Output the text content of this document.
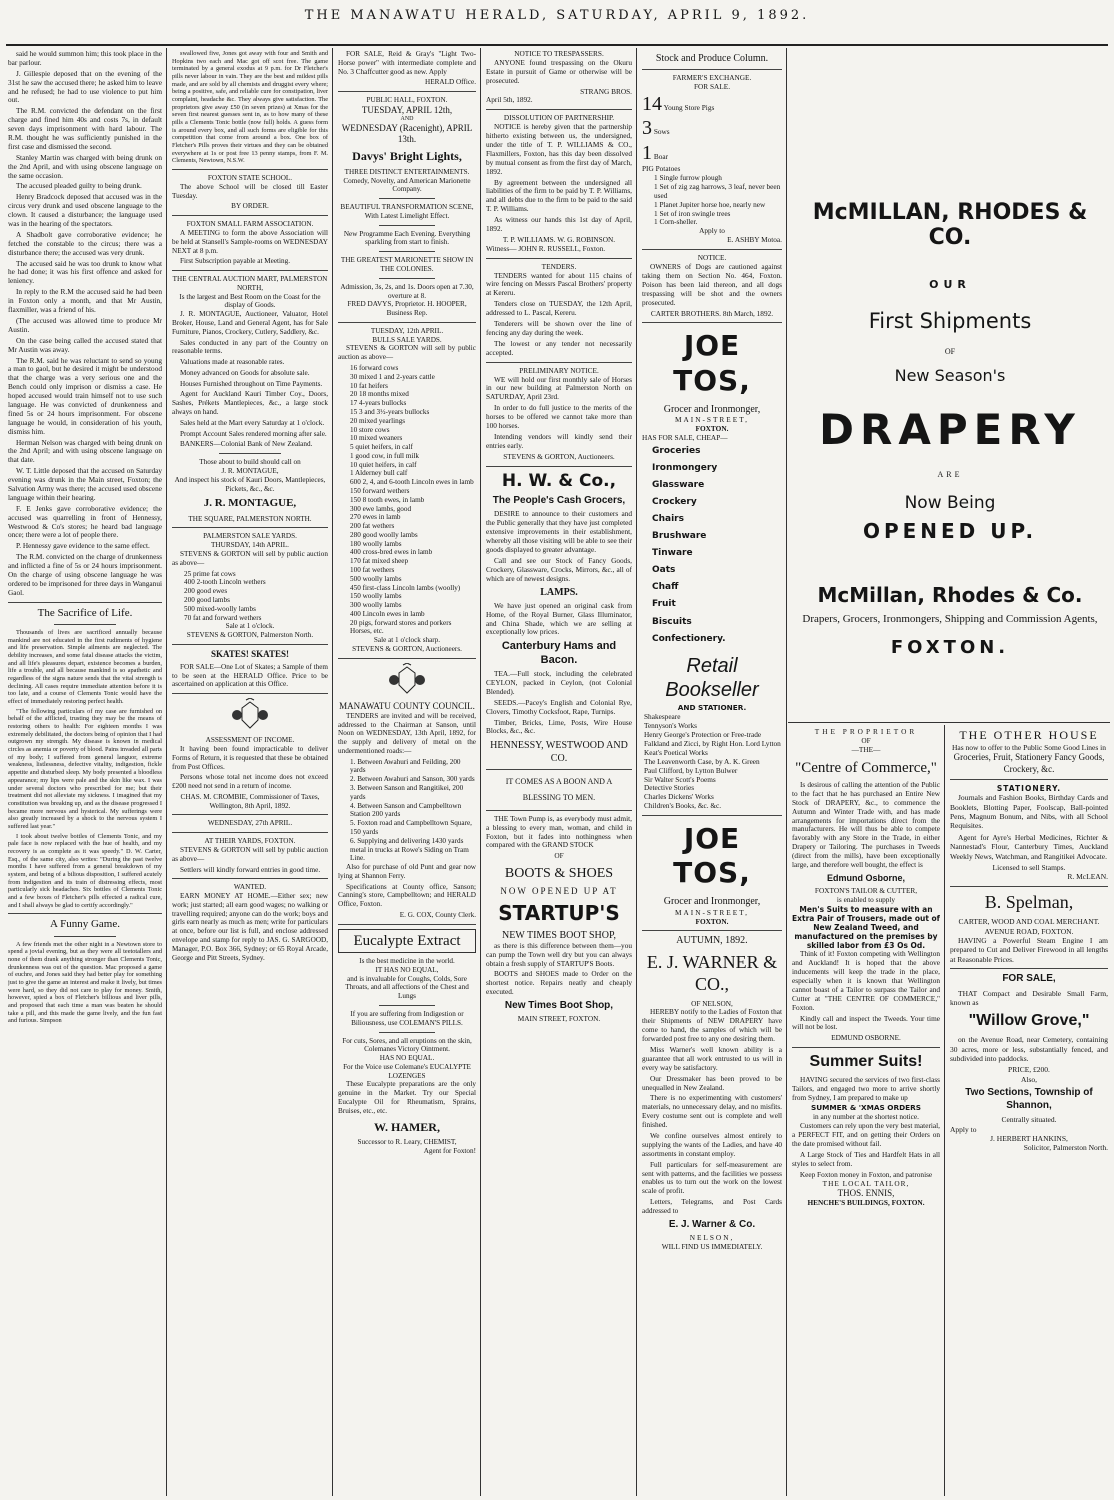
THE MANAWATU HERALD, SATURDAY, APRIL 9, 1892.

said he would summon him; this took place in the bar parlour.

J. Gillespie deposed that on the evening of the 31st he saw the accused there; he asked him to leave and he refused; he had to use violence to put him out.

The R.M. convicted the defendant on the first charge and fined him 40s and costs 7s, in default seven days imprisonment with hard labour. The R.M. thought he was sufficiently punished in the first case and dismissed the second.

Stanley Martin was charged with being drunk on the 2nd April, and with using obscene language on the same occasion.

The accused pleaded guilty to being drunk.

Henry Bradcock deposed that accused was in the circus very drunk and used obscene language to the clown. It caused a disturbance; the language used was in the hearing of the spectators.

A Shadbolt gave corroborative evidence; he fetched the constable to the circus; there was a disturbance there; the accused was very drunk.

The accused said he was too drunk to know what he had done; it was his first offence and asked for leniency.

In reply to the R.M the accused said he had been in Foxton only a month, and that Mr Austin, flaxmiller, was a friend of his.

(The accused was allowed time to produce Mr Austin.

On the case being called the accused stated that Mr Austin was away.

The R.M. said he was reluctant to send so young a man to gaol, but he desired it might be understood that the charge was a very serious one and the Bench could only imprison or dismiss a case. He hoped accused would train himself not to use such language. He was convicted of drunkenness and fined 5s or 24 hours imprisonment. For obscene language he would, in consideration of his youth, dismiss him.

Herman Nelson was charged with being drunk on the 2nd April; and with using obscene language on that date.

W. T. Little deposed that the accused on Saturday evening was drunk in the Main street, Foxton; the Salvation Army was there; the accused used obscene language within their hearing.

F. E Jenks gave corroborative evidence; the accused was quarrelling in front of Hennessy, Westwood & Co's stores; he heard bad language once; there were a lot of people there.

P. Hennessy gave evidence to the same effect.

The R.M. convicted on the charge of drunkenness and inflicted a fine of 5s or 24 hours imprisonment. On the charge of using obscene language he was ordered to be imprisoned for three days in Wanganui Gaol.

The Sacrifice of Life.

Thousands of lives are sacrificed annually because mankind are not educated in the first rudiments of hygiene and life preservation. Simple ailments are neglected. The debility increases, and some fatal disease attacks the victim, and all life's pleasures depart, existence becomes a burden, life a trouble, and all because mankind is so apathetic and regardless of the signs nature sends that the vital strength is declining. All cases require immediate attention before it is too late, and a course of Clements Tonic would have the effect of immediately restoring perfect health.

"The following particulars of my case are furnished on behalf of the afflicted, trusting they may be the means of restoring others to health: For eighteen months I was extremely debilitated, the doctors being of opinion that I had outgrown my strength. My disease is known in medical circles as anemia or poverty of blood. Pains invaded all parts of my body; I suffered from general languor, extreme weakness, listlessness, defective vitality, indigestion, fickle appetite and disturbed sleep. My body presented a bloodless appearance; my lips were pale and the skin like wax. I was under several doctors who prescribed for me; but their treatment did not alleviate my sickness. I imagined that my constitution was breaking up, and as the disease progressed I became more nervous and hysterical. My sufferings were also greatly increased by a shock to the nervous system I suffered last year."

I took about twelve bottles of Clements Tonic, and my pale face is now replaced with the hue of health, and my recovery is as complete as it was speedy." D. W. Carter, Esq., of the same city, also writes: "During the past twelve months I have suffered from a general breakdown of my system, and being of a bilious disposition, I suffered acutely from indigestion and its train of distressing effects, most particularly sick headaches. Six bottles of Clements Tonic and a few boxes of Fletcher's pills effected a radical cure, and I shall always be glad to certify accordingly."

A Funny Game.

A few friends met the other night in a Newtown store to spend a jovial evening, but as they were all teetotallers and none of them drank anything stronger than Clements Tonic, drunkenness was out of the question. Mac proposed a game of euchre, and Jones said they had better play for something just to give the game an interest and make it lively, but times were hard, so they did not care to play for money. Smith, however, spied a box of Fletcher's billious and liver pills, and proposed that each time a man was beaten he should take a pill, and this made the game lively, and the fun fast and furious. Simpson

swallowed five, Jones got away with four and Smith and Hopkins two each and Mac got off scot free. The game terminated by a general exodus at 9 p.m. for Dr Fletcher's pills never labour in vain. They are the best and mildest pills made, and are sold by all chemists and druggist every where; being a positive, safe, and reliable cure for constipation, liver complaint, headache &c. They always give satisfaction. The proprietors give away £50 (in seven prizes) at Xmas for the seven first nearest guesses sent in, as to how many of these pills a Clements Tonic bottle (now full) holds. A guess form is around every box, and all such forms are eligible for this competition that come from around a box. One box of Fletcher's Pills proves their virtues and they can be obtained everywhere at 1s or post free 13 penny stamps, from F. M. Clements, Newtown, N.S.W.

FOXTON STATE SCHOOL.

The above School will be closed till Easter Tuesday.

BY ORDER.
FOXTON SMALL FARM ASSOCIATION.

A MEETING to form the above Association will be held at Stansell's Sample-rooms on WEDNESDAY NEXT at 8 p.m.

First Subscription payable at Meeting.

THE CENTRAL AUCTION MART, PALMERSTON NORTH,
Is the largest and Best Room on the Coast for the display of Goods.

J. R. MONTAGUE, Auctioneer, Valuator, Hotel Broker, House, Land and General Agent, has for Sale Furniture, Pianos, Crockery, Cutlery, Saddlery, &c.

Sales conducted in any part of the Country on reasonable terms.

Valuations made at reasonable rates.

Money advanced on Goods for absolute sale.

Houses Furnished throughout on Time Payments.

Agent for Auckland Kauri Timber Coy., Doors, Sashes, Prékets Mantlepieces, &c., a large stock always on hand.

Sales held at the Mart every Saturday at 1 o'clock.

Prompt Account Sales rendered morning after sale.

BANKERS—Colonial Bank of New Zealand.

Those about to build should call on
J. R. MONTAGUE,
And inspect his stock of Kauri Doors, Mantlepieces, Pickets, &c., &c.
J. R. MONTAGUE,
THE SQUARE, PALMERSTON NORTH.
PALMERSTON SALE YARDS.
THURSDAY, 14th APRIL.

STEVENS & GORTON will sell by public auction as above—

25 prime fat cows
400 2-tooth Lincoln wethers
200 good ewes
200 good lambs
500 mixed-woolly lambs
70 fat and forward wethers
Sale at 1 o'clock.
STEVENS & GORTON, Palmerston North.
SKATES! SKATES!

FOR SALE—One Lot of Skates; a Sample of them to be seen at the HERALD Office. Price to be ascertained on application at this Office.

ASSESSMENT OF INCOME.

It having been found impracticable to deliver Forms of Return, it is requested that these be obtained from Post Offices.

Persons whose total net income does not exceed £200 need not send in a return of income.

CHAS. M. CROMBIE, Commissioner of Taxes, Wellington, 8th April, 1892.
WEDNESDAY, 27th APRIL.
AT THEIR YARDS, FOXTON.

STEVENS & GORTON will sell by public auction as above—

Settlers will kindly forward entries in good time.

WANTED.

EARN MONEY AT HOME.—Either sex; new work; just started; all earn good wages; no walking or travelling required; anyone can do the work; boys and girls earn nearly as much as men; write for particulars at once, before our list is full, and enclose addressed envelope and stamp for reply to JAS. G. SARGOOD, Manager, P.O. Box 366, Sydney; or 65 Royal Arcade, George and Pitt Streets, Sydney.

FOR SALE, Reid & Gray's "Light Two-Horse power" with intermediate complete and No. 3 Chaffcutter good as new. Apply

HERALD Office.
PUBLIC HALL, FOXTON.
TUESDAY, APRIL 12th,
AND
WEDNESDAY (Racenight), APRIL 13th.
Davys' Bright Lights,
THREE DISTINCT ENTERTAINMENTS.
Comedy, Novelty, and American Marionette Company.
BEAUTIFUL TRANSFORMATION SCENE, With Latest Limelight Effect.
New Programme Each Evening. Everything sparkling from start to finish.
THE GREATEST MARIONETTE SHOW IN THE COLONIES.
Admission, 3s, 2s, and 1s. Doors open at 7.30, overture at 8.
FRED DAVYS, Proprietor. H. HOOPER, Business Rep.
TUESDAY, 12th APRIL.
BULLS SALE YARDS.

STEVENS & GORTON will sell by public auction as above—

16 forward cows
30 mixed 1 and 2-years cattle
10 fat heifers
20 18 months mixed
17 4-years bullocks
15 3 and 3½-years bullocks
20 mixed yearlings
10 store cows
10 mixed weaners
5 quiet heifers, in calf
1 good cow, in full milk
10 quiet heifers, in calf
1 Alderney bull calf
600 2, 4, and 6-tooth Lincoln ewes in lamb
150 forward wethers
150 8 tooth ewes, in lamb
300 ewe lambs, good
270 ewes in lamb
200 fat wethers
280 good woolly lambs
180 woolly lambs
400 cross-bred ewes in lamb
170 fat mixed sheep
100 fat wethers
500 woolly lambs
450 first-class Lincoln lambs (woolly)
150 woolly lambs
300 woolly lambs
400 Lincoln ewes in lamb
20 pigs, forward stores and porkers
Horses, etc.
Sale at 1 o'clock sharp.
STEVENS & GORTON, Auctioneers.
MANAWATU COUNTY COUNCIL.

TENDERS are invited and will be received, addressed to the Chairman at Sanson, until Noon on WEDNESDAY, 13th April, 1892, for the supply and delivery of metal on the undermentioned roads:—

1. Between Awahuri and Feilding, 200 yards
2. Between Awahuri and Sanson, 300 yards
3. Between Sanson and Rangitikei, 200 yards
4. Between Sanson and Campbelltown Station 200 yards
5. Foxton road and Campbelltown Square, 150 yards
6. Supplying and delivering 1430 yards metal in trucks at Rowe's Siding on Tram Line.

Also for purchase of old Punt and gear now lying at Shannon Ferry.

Specifications at County office, Sanson; Canning's store, Campbelltown; and HERALD Office, Foxton.

E. G. COX, County Clerk.
Eucalypte Extract
Is the best medicine in the world.
IT HAS NO EQUAL,
and is invaluable for Coughs, Colds, Sore Throats, and all affections of the Chest and Lungs
If you are suffering from Indigestion or Biliousness, use COLEMAN'S PILLS.
For cuts, Sores, and all eruptions on the skin, Colemanes Victory Ointment.
HAS NO EQUAL.
For the Voice use Colemane's EUCALYPTE LOZENGES

These Eucalypte preparations are the only genuine in the Market. Try our Special Eucalypte Oil for Rheumatism, Sprains, Bruises, etc., etc.

W. HAMER,
Successor to R. Leary, CHEMIST,
Agent for Foxton!
NOTICE TO TRESPASSERS.

ANYONE found trespassing on the Okuru Estate in pursuit of Game or otherwise will be prosecuted.

STRANG BROS.
April 5th, 1892.
DISSOLUTION OF PARTNERSHIP.

NOTICE is hereby given that the partnership hitherto existing between us, the undersigned, under the title of T. P. WILLIAMS & CO., Flaxmillers, Foxton, has this day been dissolved by mutual consent as from the first day of March, 1892.

By agreement between the undersigned all liabilities of the firm to be paid by T. P. Williams, and all debts due to the firm to be paid to the said T. P. Williams.

As witness our hands this 1st day of April, 1892.

T. P. WILLIAMS. W. G. ROBINSON.
Witness— JOHN R. RUSSELL, Foxton.
TENDERS.

TENDERS wanted for about 115 chains of wire fencing on Messrs Pascal Brothers' property at Kereru.

Tenders close on TUESDAY, the 12th April, addressed to L. Pascal, Kereru.

Tenderers will be shown over the line of fencing any day during the week.

The lowest or any tender not necessarily accepted.

PRELIMINARY NOTICE.

WE will hold our first monthly sale of Horses in our new building at Palmerston North on SATURDAY, April 23rd.

In order to do full justice to the merits of the horses to be offered we cannot take more than 100 horses.

Intending vendors will kindly send their entries early.

STEVENS & GORTON, Auctioneers.
H. W. & Co.,
The People's Cash Grocers,

DESIRE to announce to their customers and the Public generally that they have just completed extensive improvements in their establishment, whereby all those visiting will be able to see their goods displayed to greater advantage.

Call and see our Stock of Fancy Goods, Crockery, Glassware, Crocks, Mirrors, &c., all of which are of newest designs.

LAMPS.

We have just opened an original cask from Home, of the Royal Burner, Glass Illuminator, and China Shade, which we are selling at exceptionally low prices.

Canterbury Hams and Bacon.

TEA.—Full stock, including the celebrated CEYLON, packed in Ceylon, (not Colonial Blended).

SEEDS.—Pacey's English and Colonial Rye, Clovers, Timothy Cocksfoot, Rape, Turnips.

Timber, Bricks, Lime, Posts, Wire House Blocks, &c., &c.

HENNESSY, WESTWOOD AND CO.
IT COMES AS A BOON AND A BLESSING TO MEN.

THE Town Pump is, as everybody must admit, a blessing to every man, woman, and child in Foxton, but it fades into nothingness when compared with the GRAND STOCK

OF
BOOTS & SHOES
NOW OPENED UP AT
STARTUP'S
NEW TIMES BOOT SHOP,

as there is this difference between them—you can pump the Town well dry but you can always obtain a fresh supply of STARTUP'S Boots.

BOOTS and SHOES made to Order on the shortest notice. Repairs neatly and cheaply executed.

New Times Boot Shop,
MAIN STREET, FOXTON.
Stock and Produce Column.
FARMER'S EXCHANGE.
FOR SALE.
14 Young Store Pigs
3 Sows
1 Boar
PIG Potatoes
1 Single furrow plough
1 Set of zig zag harrows, 3 leaf, never been used
1 Planet Jupiter horse hoe, nearly new
1 Set of iron swingle trees
1 Corn-sheller.
Apply to
E. ASHBY Motoa.
NOTICE.

OWNERS of Dogs are cautioned against taking them on Section No. 464, Foxton. Poison has been laid thereon, and all dogs trespassing will be shot and the owners prosecuted.

CARTER BROTHERS. 8th March, 1892.
JOE TOS,
Grocer and Ironmonger,
MAIN-STREET,
FOXTON.
HAS FOR SALE, CHEAP—
Groceries
Ironmongery
Glassware
Crockery
Chairs
Brushware
Tinware
Oats
Chaff
Fruit
Biscuits
Confectionery.
Retail Bookseller
AND STATIONER.
Shakespeare
Tennyson's Works
Henry George's Protection or Free-trade
Falkland and Zicci, by Right Hon. Lord Lytton
Keat's Poetical Works
The Leavenworth Case, by A. K. Green
Paul Clifford, by Lytton Bulwer
Sir Walter Scott's Poems
Detective Stories
Charles Dickens' Works
Children's Books, &c. &c.
JOE TOS,
Grocer and Ironmonger,
MAIN-STREET,
FOXTON.
AUTUMN, 1892.
E. J. WARNER & CO.,
OF NELSON,

HEREBY notify to the Ladies of Foxton that their Shipments of NEW DRAPERY have come to hand, the samples of which will be forwarded post free to any one desiring them.

Miss Warner's well known ability is a guarantee that all work entrusted to us will in every way be satisfactory.

Our Dressmaker has been proved to be unequalled in New Zealand.

There is no experimenting with customers' materials, no unnecessary delay, and no misfits. Every costume sent out is complete and well finished.

We confine ourselves almost entirely to supplying the wants of the Ladies, and have 40 assortments in constant employ.

Full particulars for self-measurement are sent with patterns, and the facilities we possess enables us to turn out the work on the lowest scale of profit.

Letters, Telegrams, and Post Cards addressed to

E. J. Warner & Co.
NELSON,
WILL FIND US IMMEDIATELY.
McMILLAN, RHODES & CO.
OUR
First Shipments
OF
New Season's
DRAPERY
ARE
Now Being
OPENED UP.
McMillan, Rhodes & Co.
Drapers, Grocers, Ironmongers, Shipping and Commission Agents,
FOXTON.
THE PROPRIETOR
OF
—THE—
"Centre of Commerce,"

Is desirous of calling the attention of the Public to the fact that he has purchased an Entire New Stock of DRAPERY, &c., to commence the Autumn and Winter Trade with, and has made arrangements for importations direct from the manufacturers. He will thus be able to compete favorably with any Store in the Trade, in either Drapery or Tailoring. The purchases in Tweeds (direct from the mills), have been exceptionally large, and therefore well bought, the effect is

Edmund Osborne,
FOXTON'S TAILOR & CUTTER,
is enabled to supply
Men's Suits to measure with an Extra Pair of Trousers, made out of New Zealand Tweed, and manufactured on the premises by skilled labor from £3 Os Od.

Think of it! Foxton competing with Wellington and Auckland! It is hoped that the above inducements will keep the trade in the place, especially when it is known that Wellington cannot boast of a Tailor to surpass the Tailor and Cutter at "THE CENTRE OF COMMERCE," Foxton.

Kindly call and inspect the Tweeds. Your time will not be lost.

EDMUND OSBORNE.
Summer Suits!

HAVING secured the services of two first-class Tailors, and engaged two more to arrive shortly from Sydney, I am prepared to make up

SUMMER & 'XMAS ORDERS
in any number at the shortest notice.

Customers can rely upon the very best material, a PERFECT FIT, and on getting their Orders on the date promised without fail.

A Large Stock of Ties and Hardfelt Hats in all styles to select from.

Keep Foxton money in Foxton, and patronise
THE LOCAL TAILOR,
THOS. ENNIS,
HENCHE'S BUILDINGS, FOXTON.
THE OTHER HOUSE
Has now to offer to the Public Some Good Lines in
Groceries, Fruit, Stationery Fancy Goods, Crockery, &c.
STATIONERY.

Journals and Fashion Books, Birthday Cards and Booklets, Blotting Paper, Foolscap, Ball-pointed Pens, Magnum Bonum, and Nibs, with all School Requisites.

Agent for Ayre's Herbal Medicines, Richter & Nannestad's Flour, Canterbury Times, Auckland Weekly News, Watchman, and Rangitikei Advocate.

Licensed to sell Stamps.
R. McLEAN.
B. Spelman,
CARTER, WOOD AND COAL MERCHANT.
AVENUE ROAD, FOXTON.

HAVING a Powerful Steam Engine I am prepared to Cut and Deliver Firewood in all lengths at Reasonable Prices.

FOR SALE,

THAT Compact and Desirable Small Farm, known as

"Willow Grove,"

on the Avenue Road, near Cemetery, containing 30 acres, more or less, substantially fenced, and subdivided into paddocks.

PRICE, £200.
Also,
Two Sections, Township of Shannon,
Centrally situated.
Apply to
J. HERBERT HANKINS,
Solicitor, Palmerston North.
